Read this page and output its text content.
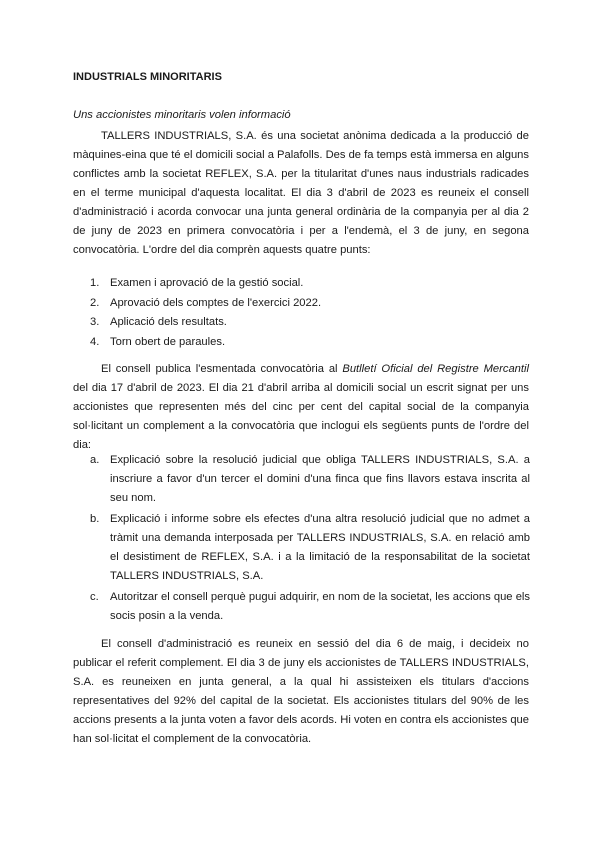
INDUSTRIALS MINORITARIS
Uns accionistes minoritaris volen informació

TALLERS INDUSTRIALS, S.A. és una societat anònima dedicada a la producció de màquines-eina que té el domicili social a Palafolls. Des de fa temps està immersa en alguns conflictes amb la societat REFLEX, S.A. per la titularitat d'unes naus industrials radicades en el terme municipal d'aquesta localitat. El dia 3 d'abril de 2023 es reuneix el consell d'administració i acorda convocar una junta general ordinària de la companyia per al dia 2 de juny de 2023 en primera convocatòria i per a l'endemà, el 3 de juny, en segona convocatòria. L'ordre del dia comprèn aquests quatre punts:

1. Examen i aprovació de la gestió social.
2. Aprovació dels comptes de l'exercici 2022.
3. Aplicació dels resultats.
4. Torn obert de paraules.

El consell publica l'esmentada convocatòria al Butlletí Oficial del Registre Mercantil del dia 17 d'abril de 2023. El dia 21 d'abril arriba al domicili social un escrit signat per uns accionistes que representen més del cinc per cent del capital social de la companyia sol·licitant un complement a la convocatòria que inclogui els següents punts de l'ordre del dia:

a. Explicació sobre la resolució judicial que obliga TALLERS INDUSTRIALS, S.A. a inscriure a favor d'un tercer el domini d'una finca que fins llavors estava inscrita al seu nom.
b. Explicació i informe sobre els efectes d'una altra resolució judicial que no admet a tràmit una demanda interposada per TALLERS INDUSTRIALS, S.A. en relació amb el desistiment de REFLEX, S.A. i a la limitació de la responsabilitat de la societat TALLERS INDUSTRIALS, S.A.
c. Autoritzar el consell perquè pugui adquirir, en nom de la societat, les accions que els socis posin a la venda.

El consell d'administració es reuneix en sessió del dia 6 de maig, i decideix no publicar el referit complement. El dia 3 de juny els accionistes de TALLERS INDUSTRIALS, S.A. es reuneixen en junta general, a la qual hi assisteixen els titulars d'accions representatives del 92% del capital de la societat. Els accionistes titulars del 90% de les accions presents a la junta voten a favor dels acords. Hi voten en contra els accionistes que han sol·licitat el complement de la convocatòria.
